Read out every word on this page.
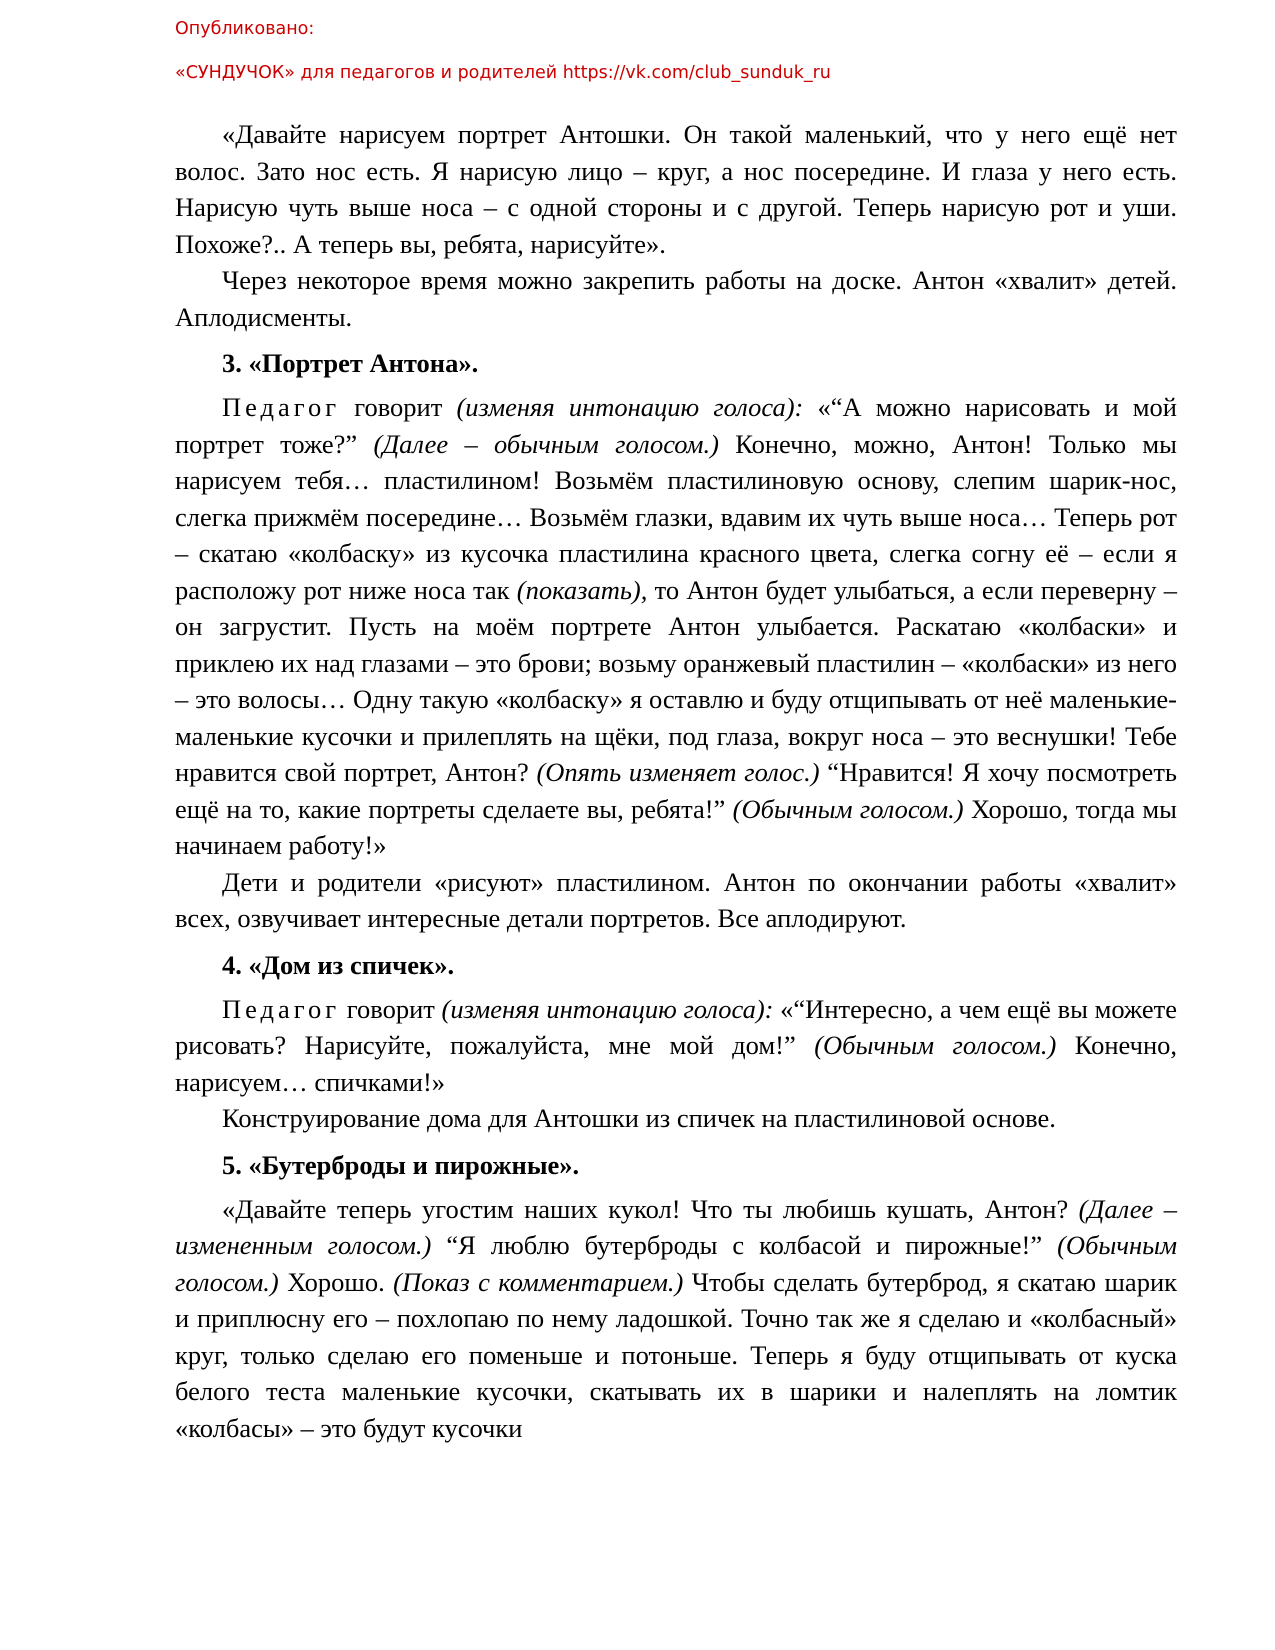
Опубликовано:
«СУНДУЧОК» для педагогов и родителей https://vk.com/club_sunduk_ru

«Давайте нарисуем портрет Антошки. Он такой маленький, что у него ещё нет волос. Зато нос есть. Я нарисую лицо – круг, а нос посередине. И глаза у него есть. Нарисую чуть выше носа – с одной стороны и с другой. Теперь нарисую рот и уши. Похоже?.. А теперь вы, ребята, нарисуйте».

Через некоторое время можно закрепить работы на доске. Антон «хвалит» детей. Аплодисменты.

3. «Портрет Антона».

Педагог говорит (изменяя интонацию голоса): «“А можно нарисовать и мой портрет тоже?” (Далее – обычным голосом.) Конечно, можно, Антон! Только мы нарисуем тебя… пластилином! Возьмём пластилиновую основу, слепим шарик-нос, слегка прижмём посередине… Возьмём глазки, вдавим их чуть выше носа… Теперь рот – скатаю «колбаску» из кусочка пластилина красного цвета, слегка согну её – если я расположу рот ниже носа так (показать), то Антон будет улыбаться, а если переверну – он загрустит. Пусть на моём портрете Антон улыбается. Раскатаю «колбаски» и приклею их над глазами – это брови; возьму оранжевый пластилин – «колбаски» из него – это волосы… Одну такую «колбаску» я оставлю и буду отщипывать от неё маленькие-маленькие кусочки и прилеплять на щёки, под глаза, вокруг носа – это веснушки! Тебе нравится свой портрет, Антон? (Опять изменяет голос.) “Нравится! Я хочу посмотреть ещё на то, какие портреты сделаете вы, ребята!” (Обычным голосом.) Хорошо, тогда мы начинаем работу!»

Дети и родители «рисуют» пластилином. Антон по окончании работы «хвалит» всех, озвучивает интересные детали портретов. Все аплодируют.

4. «Дом из спичек».

Педагог говорит (изменяя интонацию голоса): «“Интересно, а чем ещё вы можете рисовать? Нарисуйте, пожалуйста, мне мой дом!” (Обычным голосом.) Конечно, нарисуем… спичками!»

Конструирование дома для Антошки из спичек на пластилиновой основе.

5. «Бутерброды и пирожные».

«Давайте теперь угостим наших кукол! Что ты любишь кушать, Антон? (Далее – измененным голосом.) “Я люблю бутерброды с колбасой и пирожные!” (Обычным голосом.) Хорошо. (Показ с комментарием.) Чтобы сделать бутерброд, я скатаю шарик и приплюсну его – похлопаю по нему ладошкой. Точно так же я сделаю и «колбасный» круг, только сделаю его поменьше и потоньше. Теперь я буду отщипывать от куска белого теста маленькие кусочки, скатывать их в шарики и налеплять на ломтик «колбасы» – это будут кусочки
